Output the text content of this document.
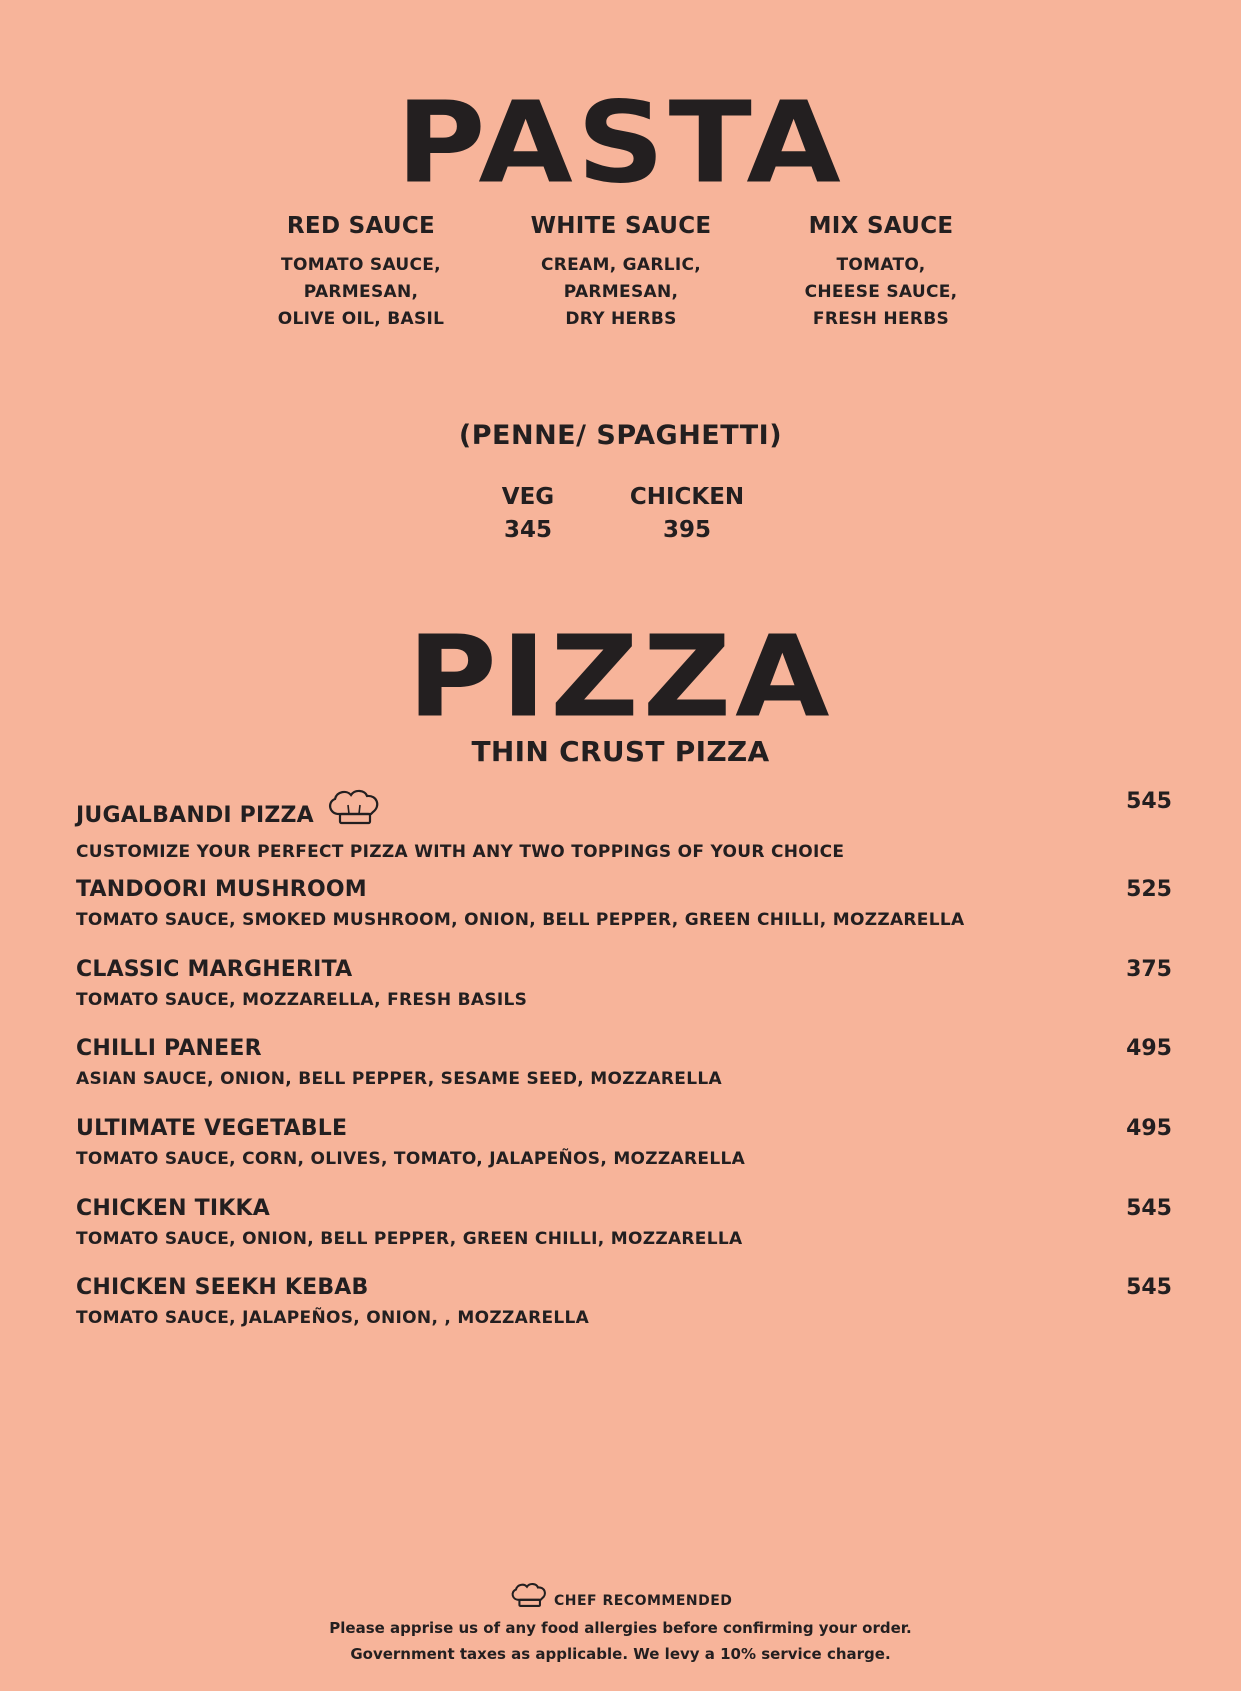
PASTA
RED SAUCE
TOMATO SAUCE,
PARMESAN,
OLIVE OIL, BASIL
WHITE SAUCE
CREAM, GARLIC,
PARMESAN,
DRY HERBS
MIX SAUCE
TOMATO,
CHEESE SAUCE,
FRESH HERBS
(PENNE/ SPAGHETTI)
VEG
345
CHICKEN
395
PIZZA
THIN CRUST PIZZA
JUGALBANDI PIZZA
545
CUSTOMIZE YOUR PERFECT PIZZA WITH ANY TWO TOPPINGS OF YOUR CHOICE
TANDOORI MUSHROOM	525
TOMATO SAUCE, SMOKED MUSHROOM, ONION, BELL PEPPER, GREEN CHILLI, MOZZARELLA
CLASSIC MARGHERITA	375
TOMATO SAUCE, MOZZARELLA, FRESH BASILS
CHILLI PANEER	495
ASIAN SAUCE, ONION, BELL PEPPER, SESAME SEED, MOZZARELLA
ULTIMATE VEGETABLE	495
TOMATO SAUCE, CORN, OLIVES, TOMATO, JALAPEÑOS, MOZZARELLA
CHICKEN TIKKA	545
TOMATO SAUCE, ONION, BELL PEPPER, GREEN CHILLI, MOZZARELLA
CHICKEN SEEKH KEBAB	545
TOMATO SAUCE, JALAPEÑOS, ONION, , MOZZARELLA
CHEF RECOMMENDED
Please apprise us of any food allergies before confirming your order.
Government taxes as applicable. We levy a 10% service charge.
